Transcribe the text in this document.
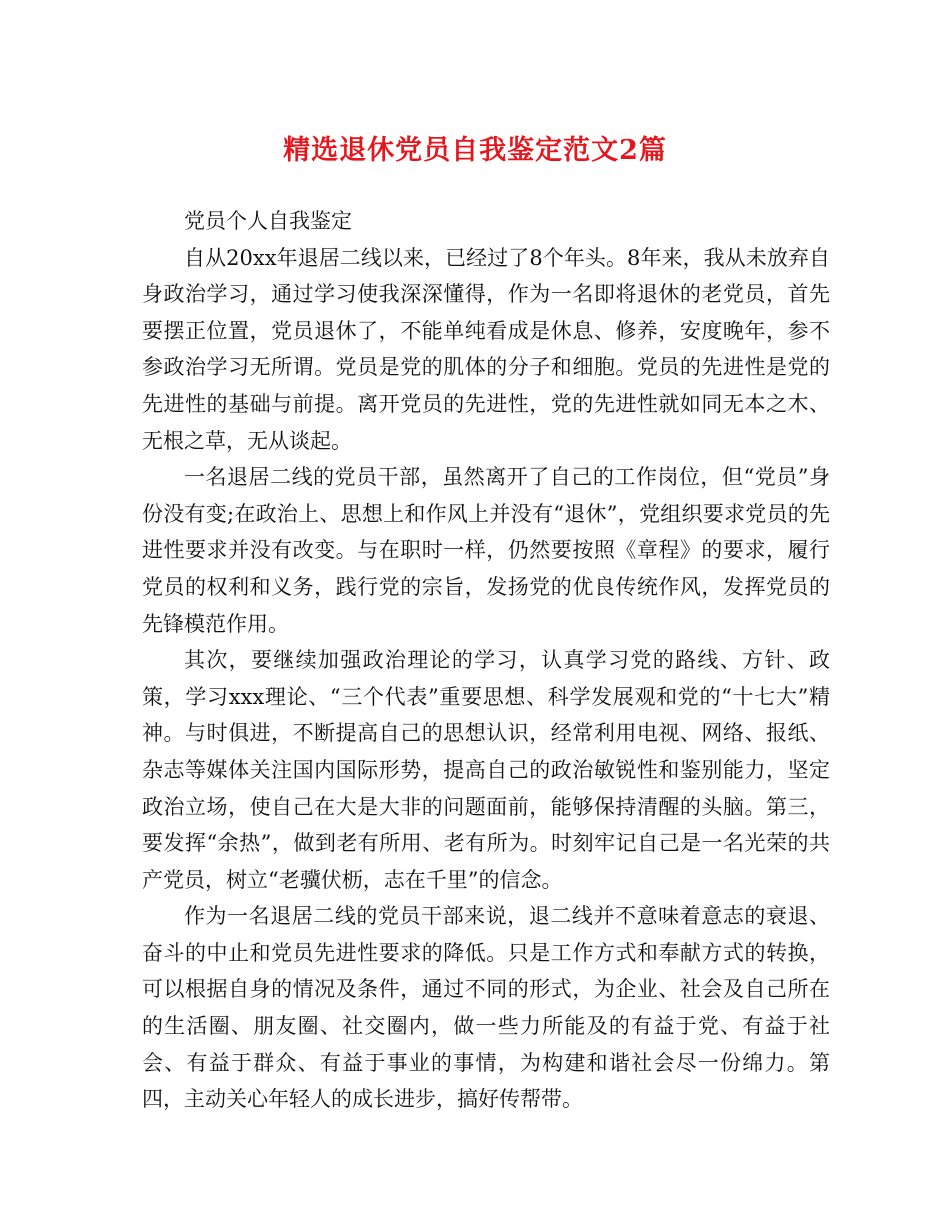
精选退休党员自我鉴定范文2篇

党员个人自我鉴定

自从20xx年退居二线以来，已经过了8个年头。8年来，我从未放弃自身政治学习，通过学习使我深深懂得，作为一名即将退休的老党员，首先要摆正位置，党员退休了，不能单纯看成是休息、修养，安度晚年，参不参政治学习无所谓。党员是党的肌体的分子和细胞。党员的先进性是党的先进性的基础与前提。离开党员的先进性，党的先进性就如同无本之木、无根之草，无从谈起。

一名退居二线的党员干部，虽然离开了自己的工作岗位，但“党员”身份没有变;在政治上、思想上和作风上并没有“退休”，党组织要求党员的先进性要求并没有改变。与在职时一样，仍然要按照《章程》的要求，履行党员的权利和义务，践行党的宗旨，发扬党的优良传统作风，发挥党员的先锋模范作用。

其次，要继续加强政治理论的学习，认真学习党的路线、方针、政策，学习xxx理论、“三个代表”重要思想、科学发展观和党的“十七大”精神。与时俱进，不断提高自己的思想认识，经常利用电视、网络、报纸、杂志等媒体关注国内国际形势，提高自己的政治敏锐性和鉴别能力，坚定政治立场，使自己在大是大非的问题面前，能够保持清醒的头脑。第三，要发挥“余热”，做到老有所用、老有所为。时刻牢记自己是一名光荣的共产党员，树立“老骥伏枥，志在千里”的信念。

作为一名退居二线的党员干部来说，退二线并不意味着意志的衰退、奋斗的中止和党员先进性要求的降低。只是工作方式和奉献方式的转换，可以根据自身的情况及条件，通过不同的形式，为企业、社会及自己所在的生活圈、朋友圈、社交圈内，做一些力所能及的有益于党、有益于社会、有益于群众、有益于事业的事情，为构建和谐社会尽一份绵力。第四，主动关心年轻人的成长进步，搞好传帮带。
